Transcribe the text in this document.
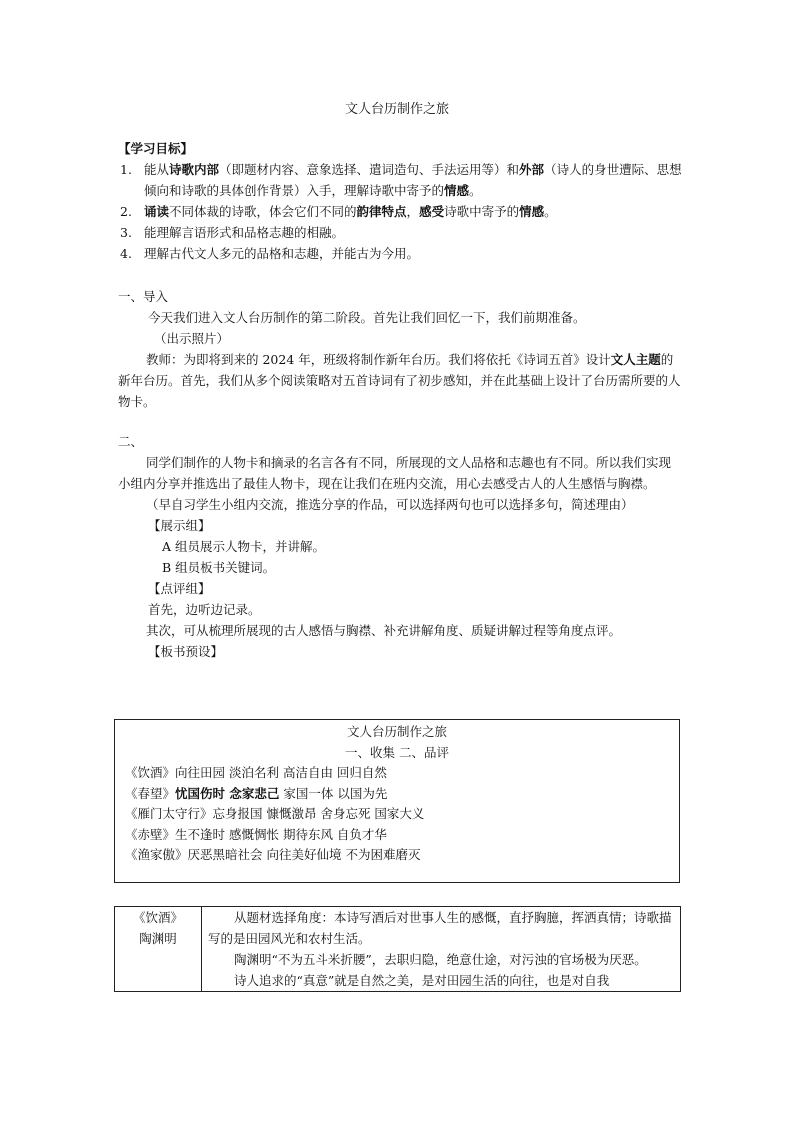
文人台历制作之旅
【学习目标】
1. 能从诗歌内部（即题材内容、意象选择、遣词造句、手法运用等）和外部（诗人的身世遭际、思想倾向和诗歌的具体创作背景）入手，理解诗歌中寄予的情感。
2. 诵读不同体裁的诗歌，体会它们不同的韵律特点，感受诗歌中寄予的情感。
3. 能理解言语形式和品格志趣的相融。
4. 理解古代文人多元的品格和志趣，并能古为今用。
一、导入
今天我们进入文人台历制作的第二阶段。首先让我们回忆一下，我们前期准备。
（出示照片）
教师：为即将到来的 2024 年，班级将制作新年台历。我们将依托《诗词五首》设计文人主题的新年台历。首先，我们从多个阅读策略对五首诗词有了初步感知，并在此基础上设计了台历需所要的人物卡。
二、
同学们制作的人物卡和摘录的名言各有不同，所展现的文人品格和志趣也有不同。所以我们实现小组内分享并推选出了最佳人物卡，现在让我们在班内交流，用心去感受古人的人生感悟与胸襟。
（早自习学生小组内交流，推选分享的作品，可以选择两句也可以选择多句，简述理由）
【展示组】
A 组员展示人物卡，并讲解。
B 组员板书关键词。
【点评组】
首先，边听边记录。
其次，可从梳理所展现的古人感悟与胸襟、补充讲解角度、质疑讲解过程等角度点评。
【板书预设】
文人台历制作之旅
一、收集 二、品评
《饮酒》向往田园 淡泊名利 高洁自由 回归自然
《春望》忧国伤时 念家悲己 家国一体 以国为先
《雁门太守行》忘身报国 慷慨激昂 舍身忘死 国家大义
《赤壁》生不逢时 感慨惆怅 期待东风 自负才华
《渔家傲》厌恶黑暗社会 向往美好仙境 不为困难磨灭
《饮酒》
陶渊明

从题材选择角度：本诗写酒后对世事人生的感慨，直抒胸臆，挥洒真情；诗歌描写的是田园风光和农村生活。

陶渊明“不为五斗米折腰”，去职归隐，绝意仕途，对污浊的官场极为厌恶。

诗人追求的“真意”就是自然之美，是对田园生活的向往，也是对自我
